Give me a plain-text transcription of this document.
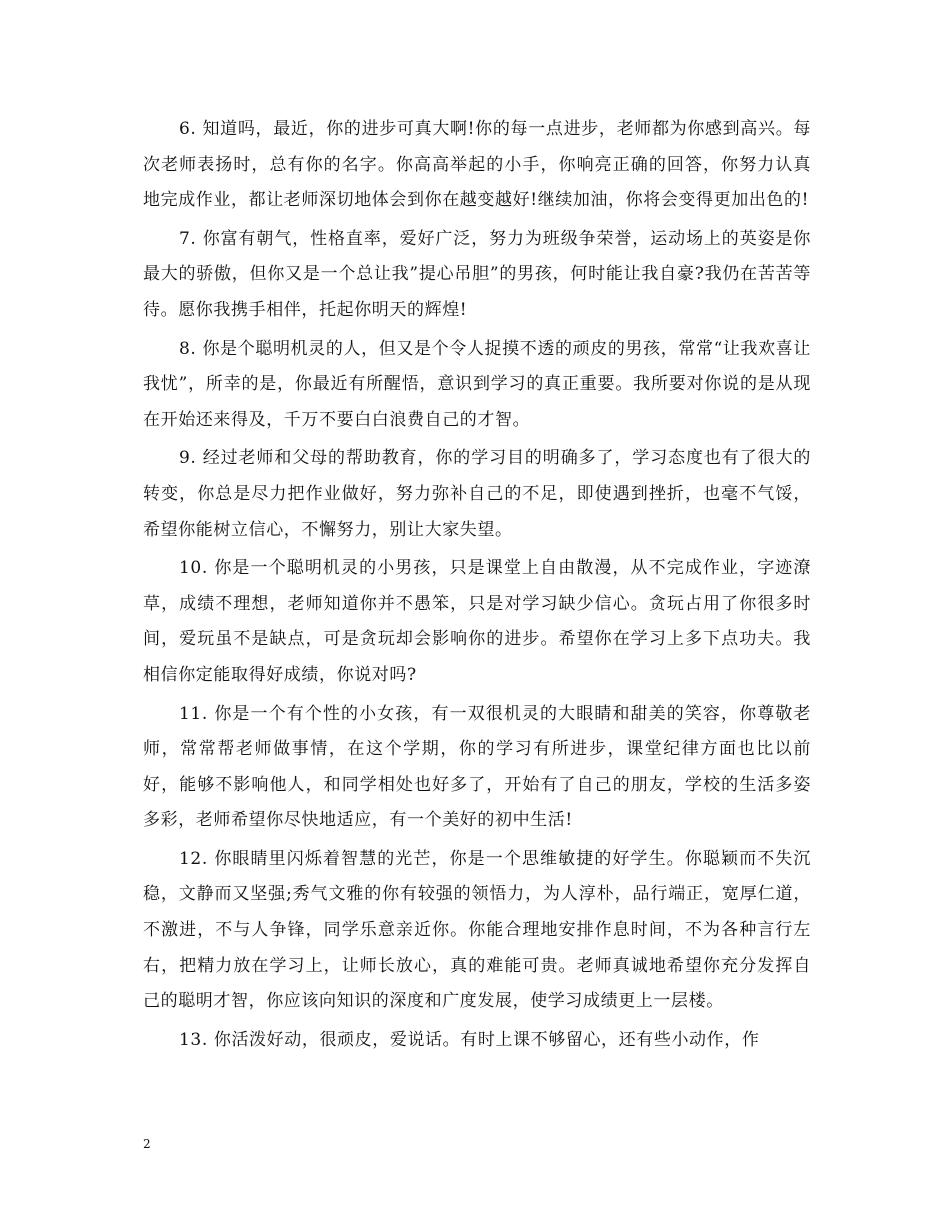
6. 知道吗，最近，你的进步可真大啊!你的每一点进步，老师都为你感到高兴。每次老师表扬时，总有你的名字。你高高举起的小手，你响亮正确的回答，你努力认真地完成作业，都让老师深切地体会到你在越变越好!继续加油，你将会变得更加出色的!

7. 你富有朝气，性格直率，爱好广泛，努力为班级争荣誉，运动场上的英姿是你最大的骄傲，但你又是一个总让我”提心吊胆”的男孩，何时能让我自豪?我仍在苦苦等待。愿你我携手相伴，托起你明天的辉煌!

8. 你是个聪明机灵的人，但又是个令人捉摸不透的顽皮的男孩，常常“让我欢喜让我忧”，所幸的是，你最近有所醒悟，意识到学习的真正重要。我所要对你说的是从现在开始还来得及，千万不要白白浪费自己的才智。

9. 经过老师和父母的帮助教育，你的学习目的明确多了，学习态度也有了很大的转变，你总是尽力把作业做好，努力弥补自己的不足，即使遇到挫折，也毫不气馁，希望你能树立信心，不懈努力，别让大家失望。

10. 你是一个聪明机灵的小男孩，只是课堂上自由散漫，从不完成作业，字迹潦草，成绩不理想，老师知道你并不愚笨，只是对学习缺少信心。贪玩占用了你很多时间，爱玩虽不是缺点，可是贪玩却会影响你的进步。希望你在学习上多下点功夫。我相信你定能取得好成绩，你说对吗?

11. 你是一个有个性的小女孩，有一双很机灵的大眼睛和甜美的笑容，你尊敬老师，常常帮老师做事情，在这个学期，你的学习有所进步，课堂纪律方面也比以前好，能够不影响他人，和同学相处也好多了，开始有了自己的朋友，学校的生活多姿多彩，老师希望你尽快地适应，有一个美好的初中生活!

12. 你眼睛里闪烁着智慧的光芒，你是一个思维敏捷的好学生。你聪颖而不失沉稳，文静而又坚强;秀气文雅的你有较强的领悟力，为人淳朴，品行端正，宽厚仁道，不激进，不与人争锋，同学乐意亲近你。你能合理地安排作息时间，不为各种言行左右，把精力放在学习上，让师长放心，真的难能可贵。老师真诚地希望你充分发挥自己的聪明才智，你应该向知识的深度和广度发展，使学习成绩更上一层楼。

13. 你活泼好动，很顽皮，爱说话。有时上课不够留心，还有些小动作，作

2
